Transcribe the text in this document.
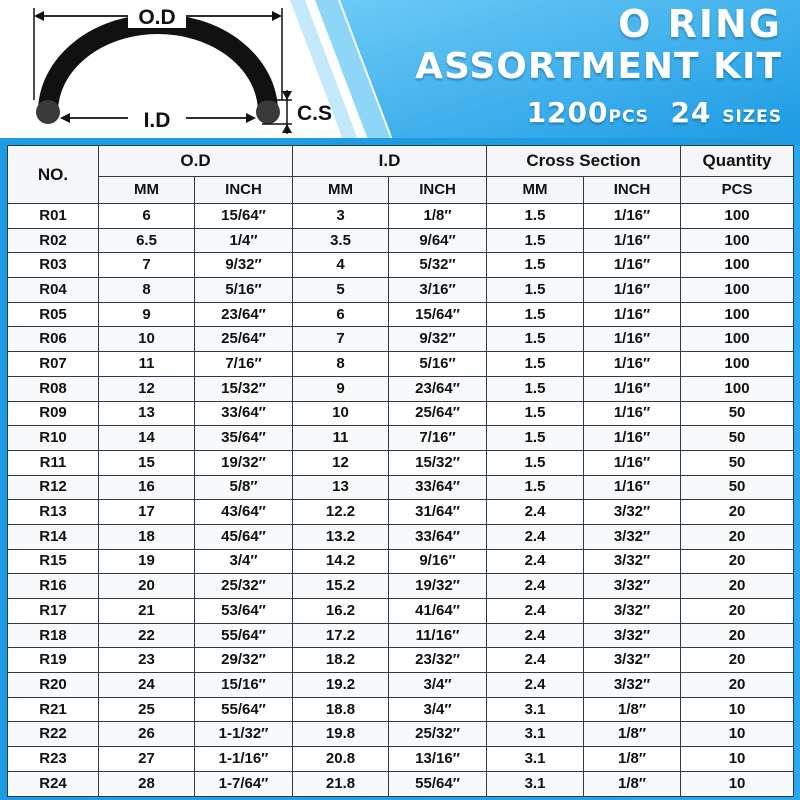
O.D
I.D	C.S
O RING
ASSORTMENT KIT
1200PCS 24 SIZES
NO.	O.D		I.D		Cross Section		Quantity
	MM	INCH	MM	INCH	MM	INCH	PCS
R01	6	15/64″	3	1/8″	1.5	1/16″	100
R02	6.5	1/4″	3.5	9/64″	1.5	1/16″	100
R03	7	9/32″	4	5/32″	1.5	1/16″	100
R04	8	5/16″	5	3/16″	1.5	1/16″	100
R05	9	23/64″	6	15/64″	1.5	1/16″	100
R06	10	25/64″	7	9/32″	1.5	1/16″	100
R07	11	7/16″	8	5/16″	1.5	1/16″	100
R08	12	15/32″	9	23/64″	1.5	1/16″	100
R09	13	33/64″	10	25/64″	1.5	1/16″	50
R10	14	35/64″	11	7/16″	1.5	1/16″	50
R11	15	19/32″	12	15/32″	1.5	1/16″	50
R12	16	5/8″	13	33/64″	1.5	1/16″	50
R13	17	43/64″	12.2	31/64″	2.4	3/32″	20
R14	18	45/64″	13.2	33/64″	2.4	3/32″	20
R15	19	3/4″	14.2	9/16″	2.4	3/32″	20
R16	20	25/32″	15.2	19/32″	2.4	3/32″	20
R17	21	53/64″	16.2	41/64″	2.4	3/32″	20
R18	22	55/64″	17.2	11/16″	2.4	3/32″	20
R19	23	29/32″	18.2	23/32″	2.4	3/32″	20
R20	24	15/16″	19.2	3/4″	2.4	3/32″	20
R21	25	55/64″	18.8	3/4″	3.1	1/8″	10
R22	26	1-1/32″	19.8	25/32″	3.1	1/8″	10
R23	27	1-1/16″	20.8	13/16″	3.1	1/8″	10
R24	28	1-7/64″	21.8	55/64″	3.1	1/8″	10
